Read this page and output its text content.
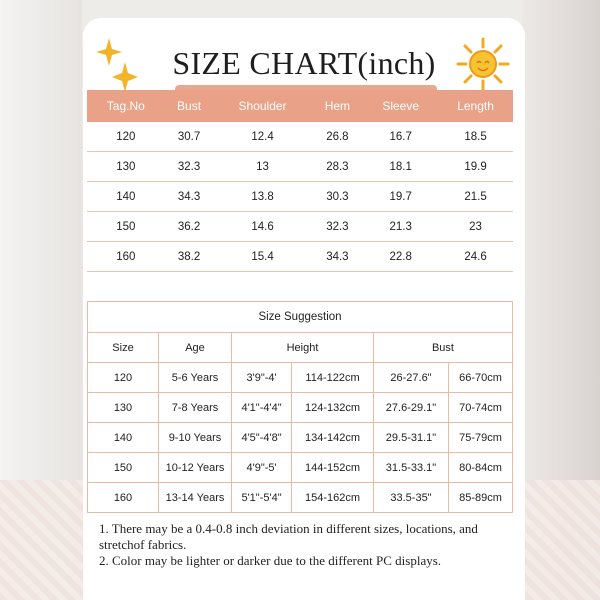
SIZE CHART(inch)
Tag.No	Bust	Shoulder	Hem	Sleeve	Length
120	30.7	12.4	26.8	16.7	18.5
130	32.3	13	28.3	18.1	19.9
140	34.3	13.8	30.3	19.7	21.5
150	36.2	14.6	32.3	21.3	23
160	38.2	15.4	34.3	22.8	24.6
Size Suggestion					
Size	Age	Height		Bust	
120	5-6 Years	3'9"-4'	114-122cm	26-27.6"	66-70cm
130	7-8 Years	4'1"-4'4"	124-132cm	27.6-29.1"	70-74cm
140	9-10 Years	4'5"-4'8"	134-142cm	29.5-31.1"	75-79cm
150	10-12 Years	4'9"-5'	144-152cm	31.5-33.1"	80-84cm
160	13-14 Years	5'1"-5'4"	154-162cm	33.5-35"	85-89cm

1. There may be a 0.4-0.8 inch deviation in different sizes, locations, and stretchof fabrics.

2. Color may be lighter or darker due to the different PC displays.
